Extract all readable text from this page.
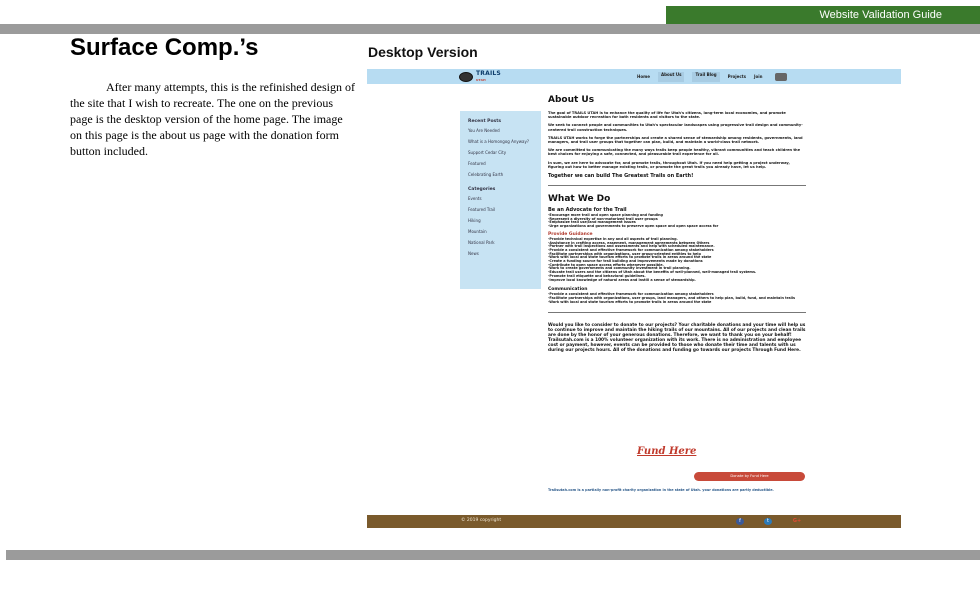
Website Validation Guide
Surface Comp.’s

After many attempts, this is the refinished design of the site that I wish to recreate. The one on the previous page is the desktop version of the home page. The image on this page is the about us page with the donation form button included.

Desktop Version
TRAILS
UTAH
Home	About Us	Trail Blog	Projects Join
Recent Posts
You Are Needed
What is a Homongog Anyway?
Support Cedar City
Featured
Celebrating Earth
Categories
Events
Featured Trail
Hiking
Mountain
National Park
News
About Us

The goal of TRAILS UTAH is to enhance the quality of life for Utah's citizens, long-term local economies, and promote sustainable outdoor recreation for both residents and visitors to the state.

We seek to connect people and communities to Utah's spectacular landscapes using progressive trail design and community-centered trail construction techniques.

TRAILS UTAH works to forge the partnerships and create a shared sense of stewardship among residents, governments, land managers, and trail user groups that together can plan, build, and maintain a world-class trail network.

We are committed to communicating the many ways trails keep people healthy, vibrant communities and teach children the best choices for enjoying a safe, connected, and pleasurable trail experience for all.

In sum, we are here to advocate for, and promote trails, throughout Utah. If you need help getting a project underway, figuring out how to better manage existing trails, or promote the great trails you already have, let us help.

Together we can build The Greatest Trails on Earth!
What We Do
Be an Advocate for the Trail

-Encourage more trail and open space planning and funding

-Represent a diversity of non-motorized trail user groups

-Emphasize trail use/land management issues

-Urge organizations and governments to preserve open space and open space access for

Provide Guidance

-Provide technical expertise in any and all aspects of trail planning.

-Assistance in crafting access, easement, management agreements between Others

-Partner with trail inspections and assessments and help with scheduled maintenance.

-Provide a consistent and effective framework for communication among stakeholders

-Facilitate partnerships with organizations, user group-oriented entities to help

-Work with local and state tourism efforts to promote trails in areas around the state

-Create a funding source for trail building and improvements made by donations

-Contribute to open space access efforts whenever possible.

-Work to create governments and community investment in trail planning.

-Educate trail users and the citizens of Utah about the benefits of well-planned, well-managed trail systems.

-Promote trail etiquette and behavioral guidelines.

-Improve local knowledge of natural areas and instill a sense of stewardship.

Communication

-Provide a consistent and effective framework for communication among stakeholders

-Facilitate partnerships with organizations, user groups, land managers, and others to help plan, build, fund, and maintain trails

-Work with local and state tourism efforts to promote trails in areas around the state

Would you like to consider to donate to our projects? Your charitable donations and your time will help us to continue to improve and maintain the hiking trails of our mountains. All of our projects and clean trails are done by the honor of your generous donations. Therefore, we want to thank you on your behalf! Trailsutah.com is a 100% volunteer organization with its work. There is no administration and employee cost or payment, however, events can be provided to those who donate their time and talents with us during our projects hours. All of the donations and funding go towards our projects Through Fund Here.

Fund Here
Donate by Fund Here
Trailsutah.com is a partially non-profit charity organization in the state of Utah. your donations are partly deductible.
© 2019 copyright	f	t	G+
